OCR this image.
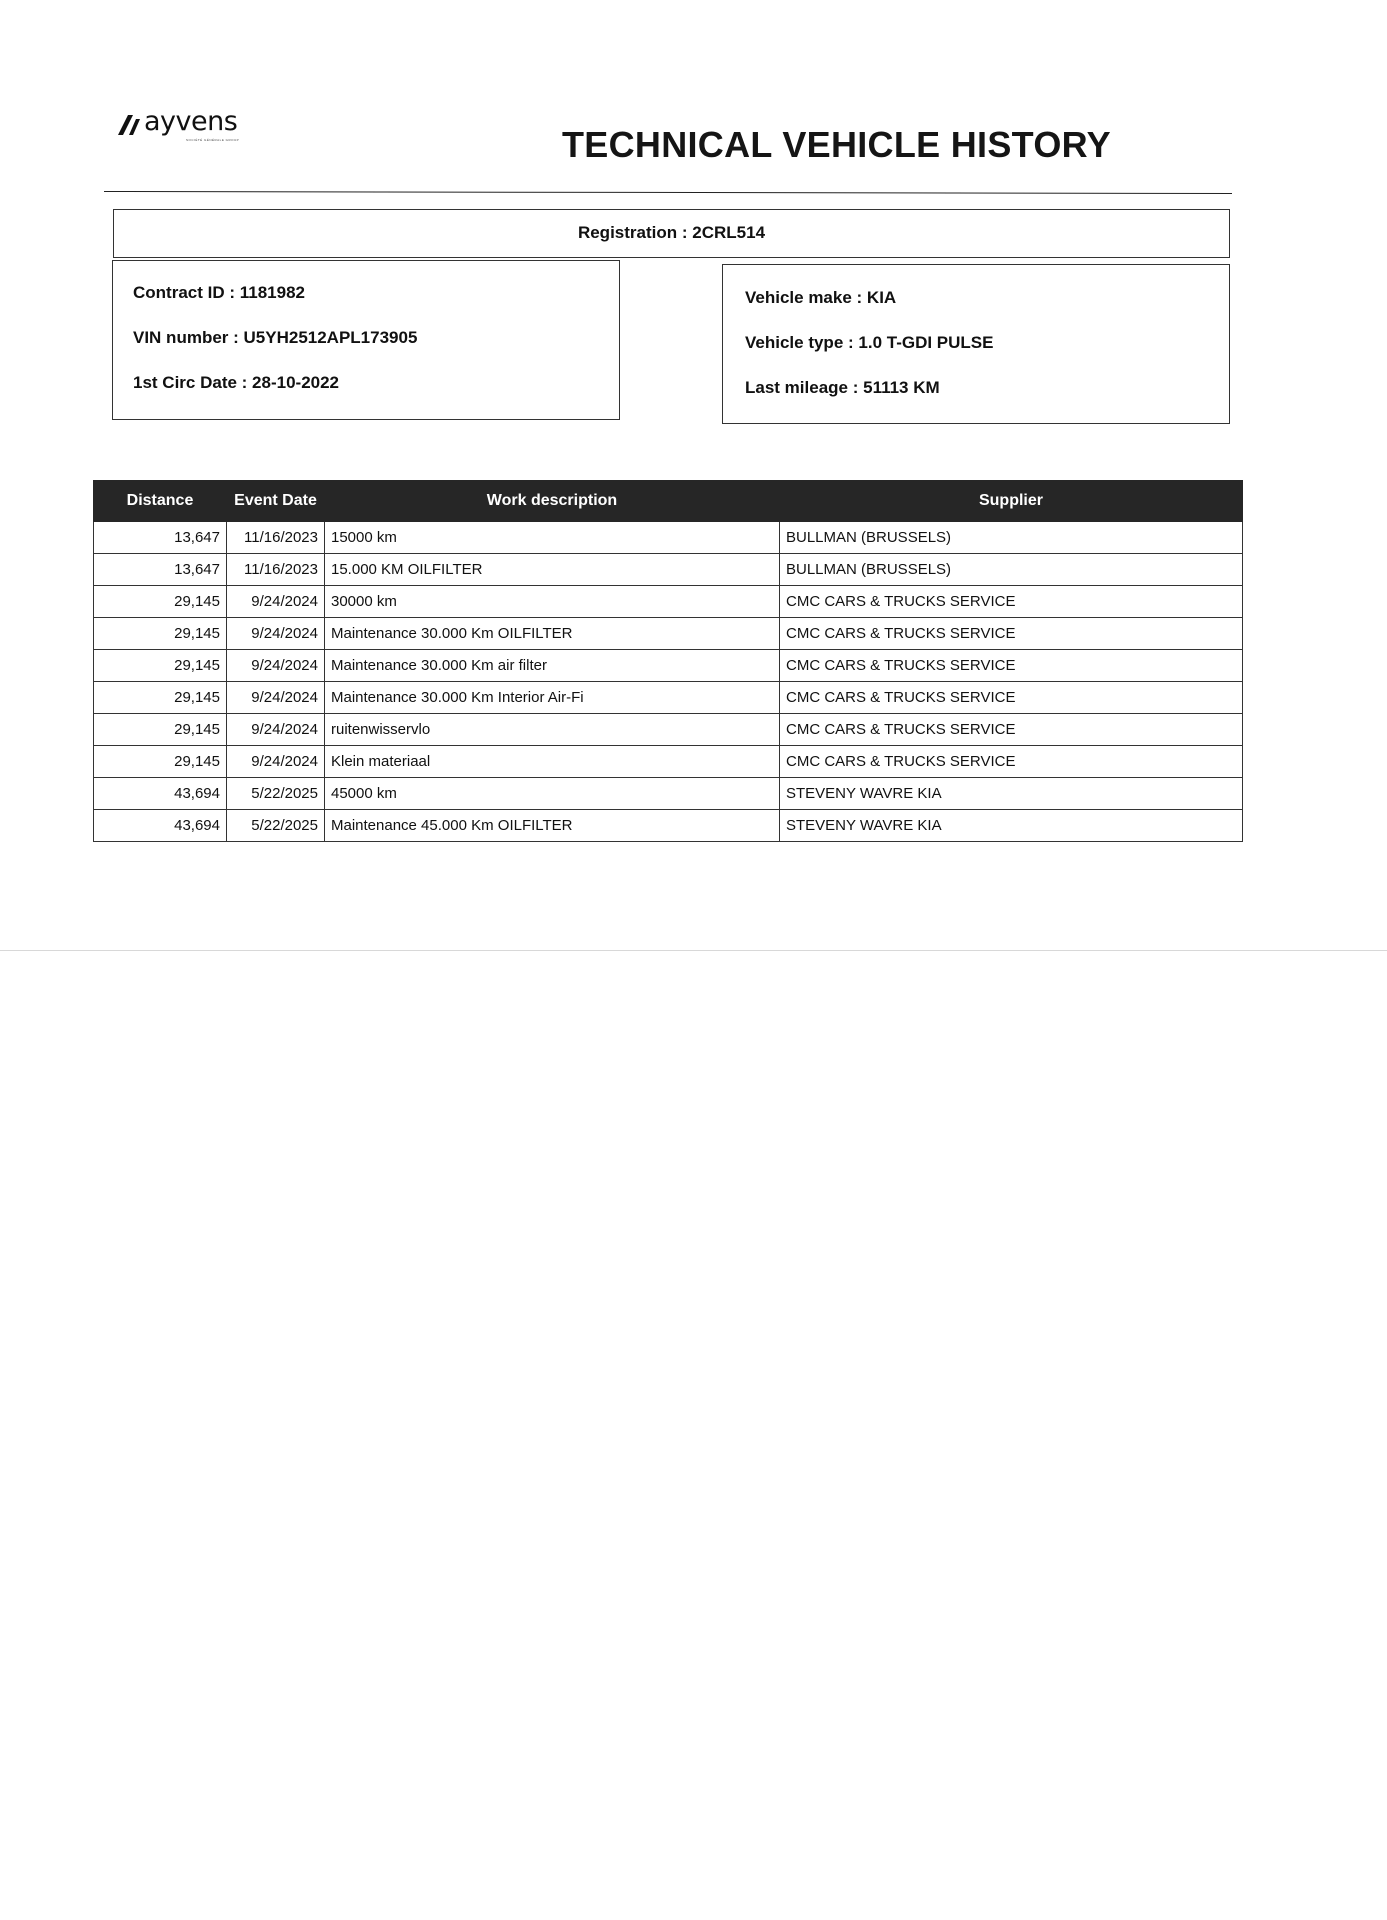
ayvens
SOCIÉTÉ GÉNÉRALE GROUP	TECHNICAL VEHICLE HISTORY
Registration : 2CRL514
Contract ID : 1181982
VIN number : U5YH2512APL173905
1st Circ Date : 28-10-2022
Vehicle make : KIA
Vehicle type : 1.0 T-GDI PULSE
Last mileage : 51113 KM
Distance	Event Date	Work description	Supplier
13,647	11/16/2023	15000 km	BULLMAN (BRUSSELS)
13,647	11/16/2023	15.000 KM OILFILTER	BULLMAN (BRUSSELS)
29,145	9/24/2024	30000 km	CMC CARS & TRUCKS SERVICE
29,145	9/24/2024	Maintenance 30.000 Km OILFILTER	CMC CARS & TRUCKS SERVICE
29,145	9/24/2024	Maintenance 30.000 Km air filter	CMC CARS & TRUCKS SERVICE
29,145	9/24/2024	Maintenance 30.000 Km Interior Air-Fi	CMC CARS & TRUCKS SERVICE
29,145	9/24/2024	ruitenwisservlo	CMC CARS & TRUCKS SERVICE
29,145	9/24/2024	Klein materiaal	CMC CARS & TRUCKS SERVICE
43,694	5/22/2025	45000 km	STEVENY WAVRE KIA
43,694	5/22/2025	Maintenance 45.000 Km OILFILTER	STEVENY WAVRE KIA
